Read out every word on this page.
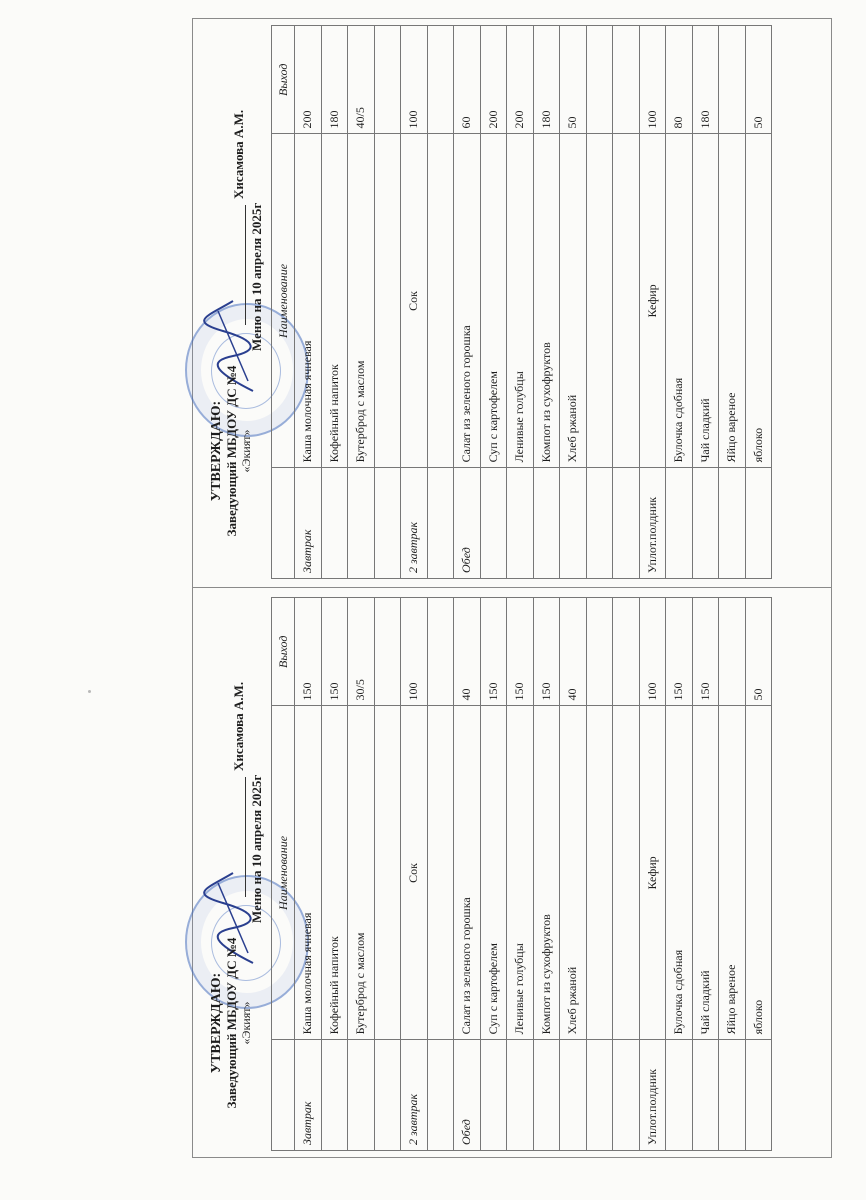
УТВЕРЖДАЮ: Заведующий МБДОУ ДС №4 «Экият»
Хисамова А.М.
Меню на 10 апреля 2025г
	Наименование	Выход
Завтрак	Каша молочная ячневая	200
	Кофейный напиток	180
	Бутерброд с маслом	40/5

2 завтрак	Сок	100

Обед	Салат из зеленого горошка	60
	Суп с картофелем	200
	Ленивые голубцы	200
	Компот из сухофруктов	180
	Хлеб ржаной	50

Уплот.полдник	Кефир	100
	Булочка сдобная	80
	Чай сладкий	180
	Яйцо вареное	
	яблоко	50
УТВЕРЖДАЮ: Заведующий МБДОУ ДС №4 «Экият»
Хисамова А.М.
Меню на 10 апреля 2025г
	Наименование	Выход
Завтрак	Каша молочная ячневая	150
	Кофейный напиток	150
	Бутерброд с маслом	30/5

2 завтрак	Сок	100

Обед	Салат из зеленого горошка	40
	Суп с картофелем	150
	Ленивые голубцы	150
	Компот из сухофруктов	150
	Хлеб ржаной	40

Уплот.полдник	Кефир	100
	Булочка сдобная	150
	Чай сладкий	150
	Яйцо вареное	
	яблоко	50
